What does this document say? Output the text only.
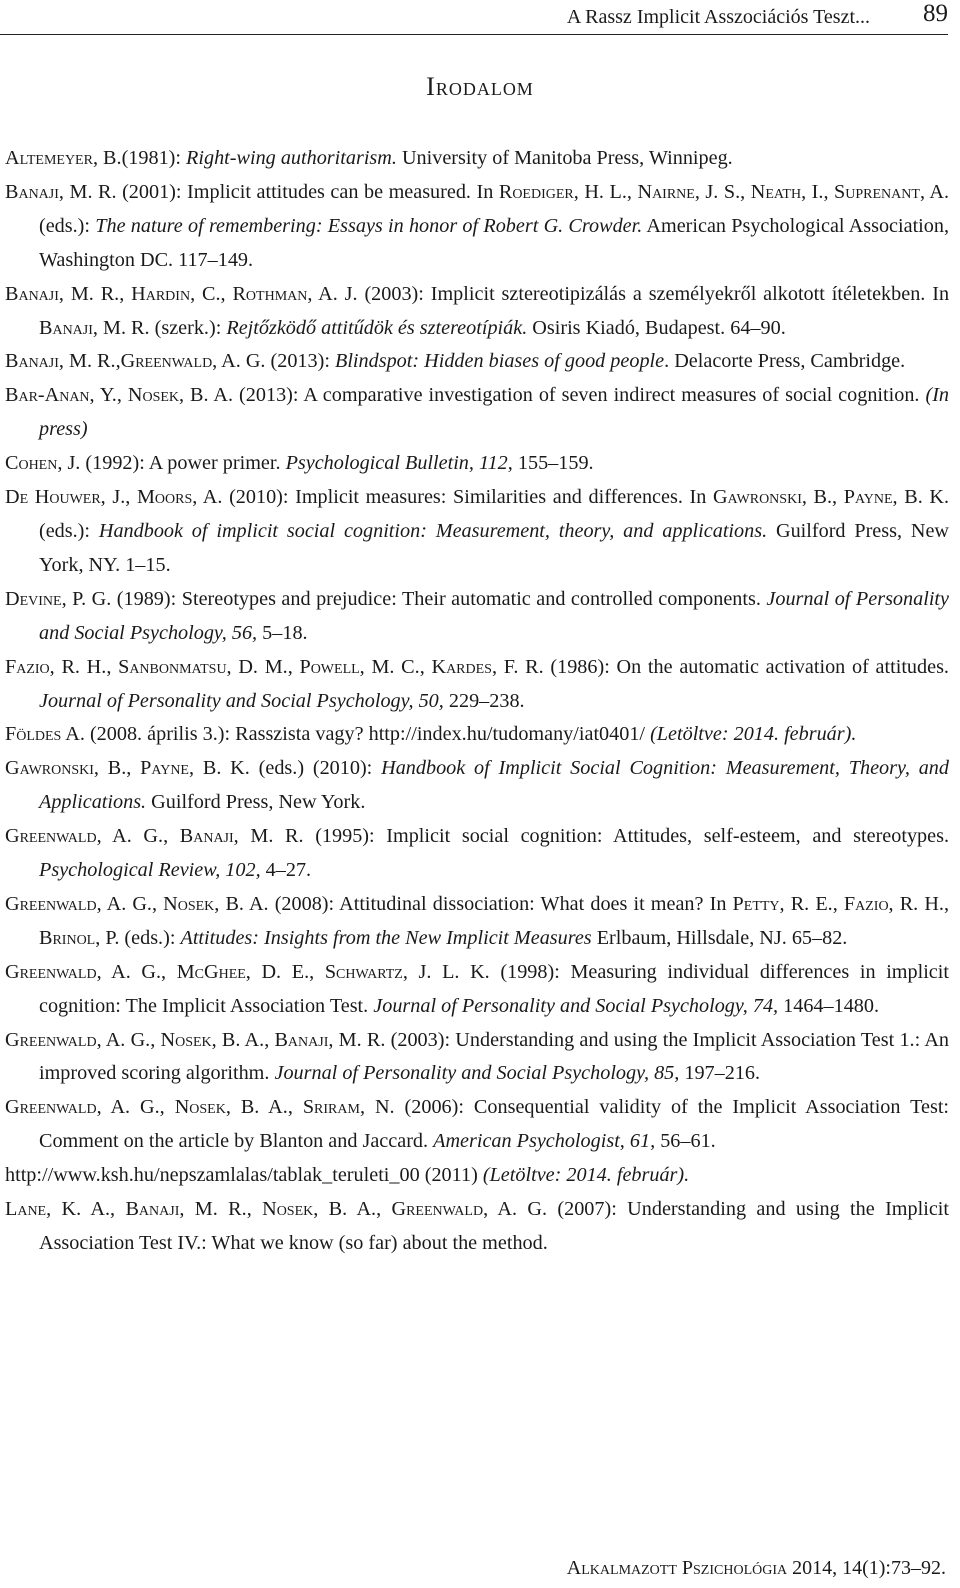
A Rassz Implicit Asszociációs Teszt... 89
Irodalom

Altemeyer, B.(1981): Right-wing authoritarism. University of Manitoba Press, Winnipeg.

Banaji, M. R. (2001): Implicit attitudes can be measured. In Roediger, H. L., Nairne, J. S., Neath, I., Suprenant, A. (eds.): The nature of remembering: Essays in honor of Robert G. Crowder. American Psychological Association, Washington DC. 117–149.

Banaji, M. R., Hardin, C., Rothman, A. J. (2003): Implicit sztereotipizálás a személyekről alkotott ítéletekben. In Banaji, M. R. (szerk.): Rejtőzködő attitűdök és sztereotípiák. Osiris Kiadó, Budapest. 64–90.

Banaji, M. R.,Greenwald, A. G. (2013): Blindspot: Hidden biases of good people. Delacorte Press, Cambridge.

Bar-Anan, Y., Nosek, B. A. (2013): A comparative investigation of seven indirect measures of social cognition. (In press)

Cohen, J. (1992): A power primer. Psychological Bulletin, 112, 155–159.

De Houwer, J., Moors, A. (2010): Implicit measures: Similarities and differences. In Gawronski, B., Payne, B. K. (eds.): Handbook of implicit social cognition: Measurement, theory, and applications. Guilford Press, New York, NY. 1–15.

Devine, P. G. (1989): Stereotypes and prejudice: Their automatic and controlled components. Journal of Personality and Social Psychology, 56, 5–18.

Fazio, R. H., Sanbonmatsu, D. M., Powell, M. C., Kardes, F. R. (1986): On the automatic activation of attitudes. Journal of Personality and Social Psychology, 50, 229–238.

Földes A. (2008. április 3.): Rasszista vagy? http://index.hu/tudomany/iat0401/ (Letöltve: 2014. február).

Gawronski, B., Payne, B. K. (eds.) (2010): Handbook of Implicit Social Cognition: Measurement, Theory, and Applications. Guilford Press, New York.

Greenwald, A. G., Banaji, M. R. (1995): Implicit social cognition: Attitudes, self-esteem, and stereotypes. Psychological Review, 102, 4–27.

Greenwald, A. G., Nosek, B. A. (2008): Attitudinal dissociation: What does it mean? In Petty, R. E., Fazio, R. H., Brinol, P. (eds.): Attitudes: Insights from the New Implicit Measures Erlbaum, Hillsdale, NJ. 65–82.

Greenwald, A. G., McGhee, D. E., Schwartz, J. L. K. (1998): Measuring individual differences in implicit cognition: The Implicit Association Test. Journal of Personality and Social Psychology, 74, 1464–1480.

Greenwald, A. G., Nosek, B. A., Banaji, M. R. (2003): Understanding and using the Implicit Association Test 1.: An improved scoring algorithm. Journal of Personality and Social Psychology, 85, 197–216.

Greenwald, A. G., Nosek, B. A., Sriram, N. (2006): Consequential validity of the Implicit Association Test: Comment on the article by Blanton and Jaccard. American Psychologist, 61, 56–61.

http://www.ksh.hu/nepszamlalas/tablak_teruleti_00 (2011) (Letöltve: 2014. február).

Lane, K. A., Banaji, M. R., Nosek, B. A., Greenwald, A. G. (2007): Understanding and using the Implicit Association Test IV.: What we know (so far) about the method.

Alkalmazott Pszichológia 2014, 14(1):73–92.
